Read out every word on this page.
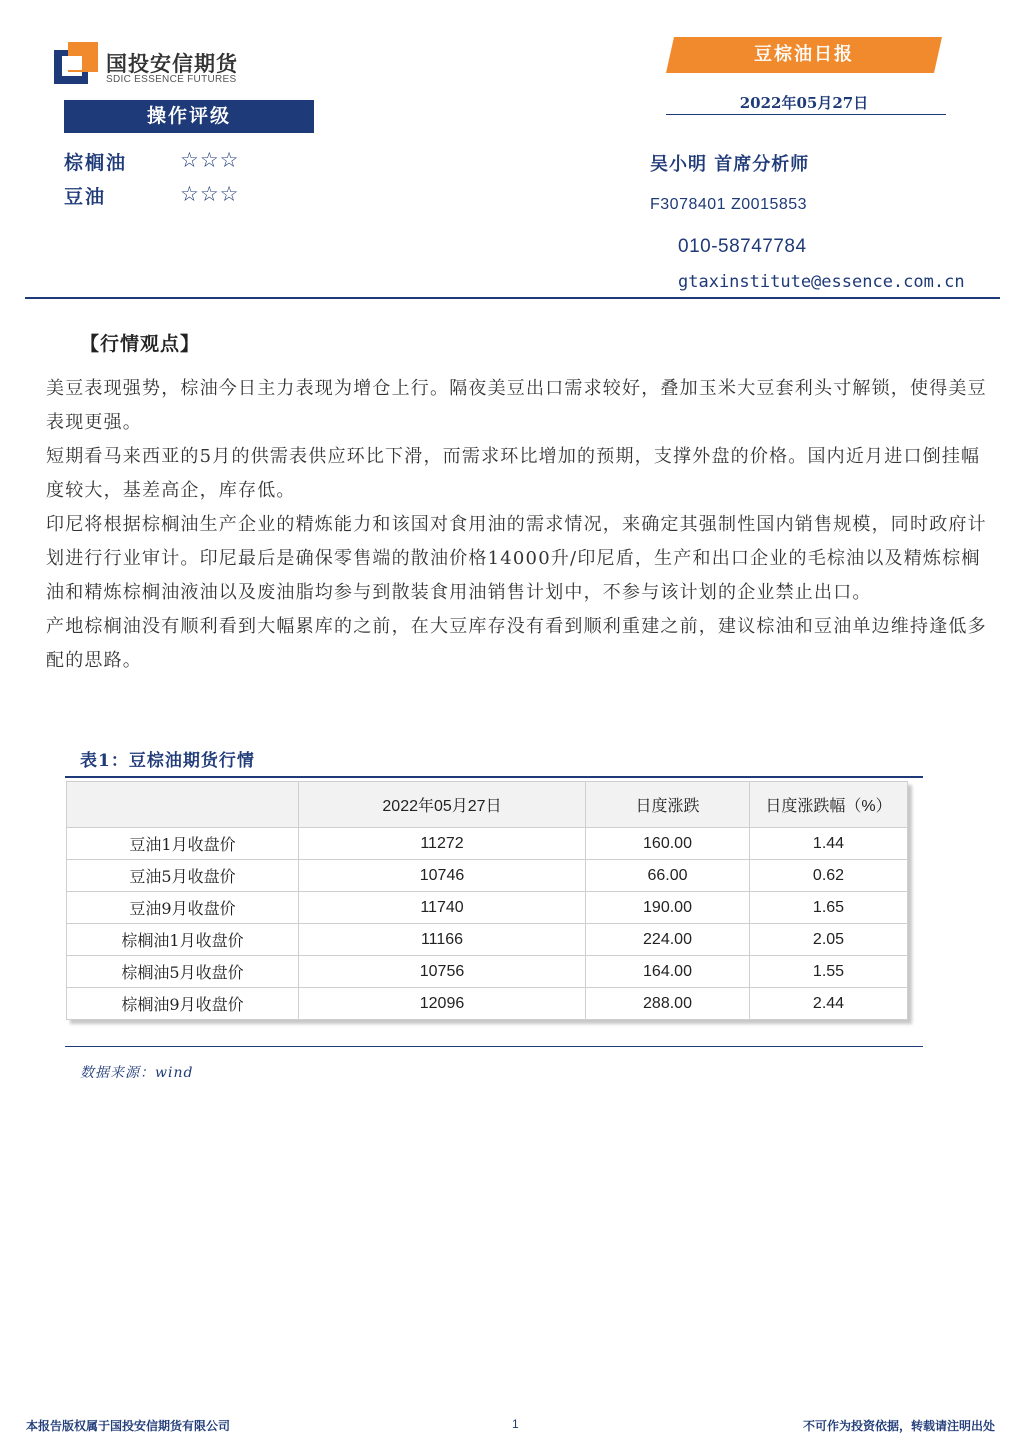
国投安信期货
SDIC ESSENCE FUTURES
豆棕油日报
2022年05月27日
操作评级
棕榈油	☆☆☆
豆油	☆☆☆
吴小明 首席分析师
F3078401 Z0015853
010-58747784
gtaxinstitute@essence.com.cn
【行情观点】

美豆表现强势，棕油今日主力表现为增仓上行。隔夜美豆出口需求较好，叠加玉米大豆套利头寸解锁，使得美豆表现更强。

短期看马来西亚的5月的供需表供应环比下滑，而需求环比增加的预期，支撑外盘的价格。国内近月进口倒挂幅度较大，基差高企，库存低。

印尼将根据棕榈油生产企业的精炼能力和该国对食用油的需求情况，来确定其强制性国内销售规模，同时政府计划进行行业审计。印尼最后是确保零售端的散油价格14000升/印尼盾，生产和出口企业的毛棕油以及精炼棕榈油和精炼棕榈油液油以及废油脂均参与到散装食用油销售计划中，不参与该计划的企业禁止出口。

产地棕榈油没有顺利看到大幅累库的之前，在大豆库存没有看到顺利重建之前，建议棕油和豆油单边维持逢低多配的思路。

表1：豆棕油期货行情
	2022年05月27日	日度涨跌	日度涨跌幅（%）
豆油1月收盘价	11272	160.00	1.44
豆油5月收盘价	10746	66.00	0.62
豆油9月收盘价	11740	190.00	1.65
棕榈油1月收盘价	11166	224.00	2.05
棕榈油5月收盘价	10756	164.00	1.55
棕榈油9月收盘价	12096	288.00	2.44
数据来源：wind
本报告版权属于国投安信期货有限公司	1	不可作为投资依据，转载请注明出处
